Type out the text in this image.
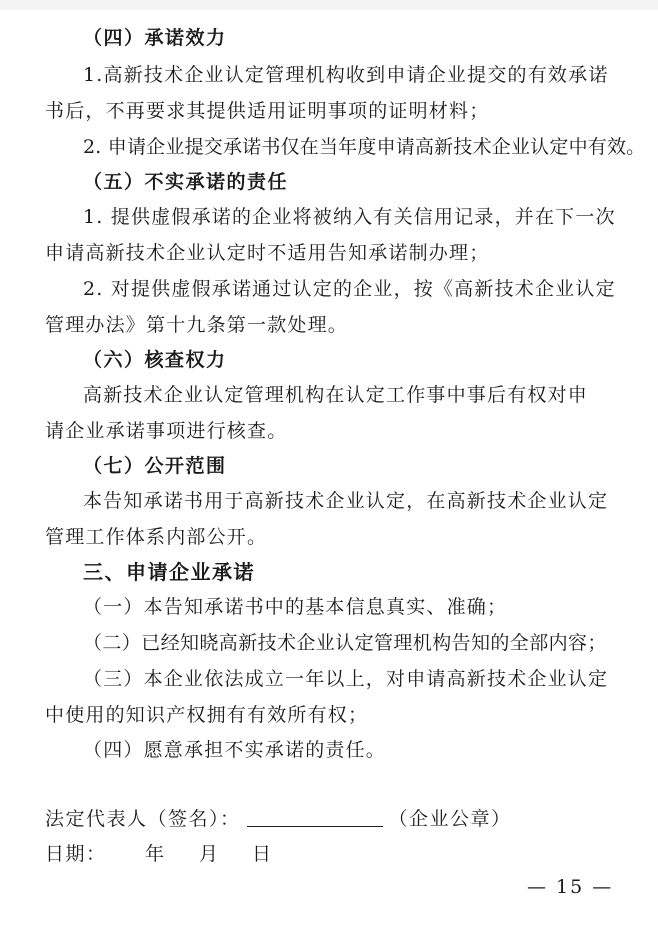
（四）承诺效力
1.高新技术企业认定管理机构收到申请企业提交的有效承诺
书后，不再要求其提供适用证明事项的证明材料；
2. 申请企业提交承诺书仅在当年度申请高新技术企业认定中有效。
（五）不实承诺的责任
1. 提供虚假承诺的企业将被纳入有关信用记录，并在下一次
申请高新技术企业认定时不适用告知承诺制办理；
2. 对提供虚假承诺通过认定的企业，按《高新技术企业认定
管理办法》第十九条第一款处理。
（六）核查权力
高新技术企业认定管理机构在认定工作事中事后有权对申
请企业承诺事项进行核查。
（七）公开范围
本告知承诺书用于高新技术企业认定，在高新技术企业认定
管理工作体系内部公开。
三、申请企业承诺
（一）本告知承诺书中的基本信息真实、准确；
（二）已经知晓高新技术企业认定管理机构告知的全部内容；
（三）本企业依法成立一年以上，对申请高新技术企业认定
中使用的知识产权拥有有效所有权；
（四）愿意承担不实承诺的责任。
法定代表人（签名）：	（企业公章）
日期： 年 月 日
— 15 —
